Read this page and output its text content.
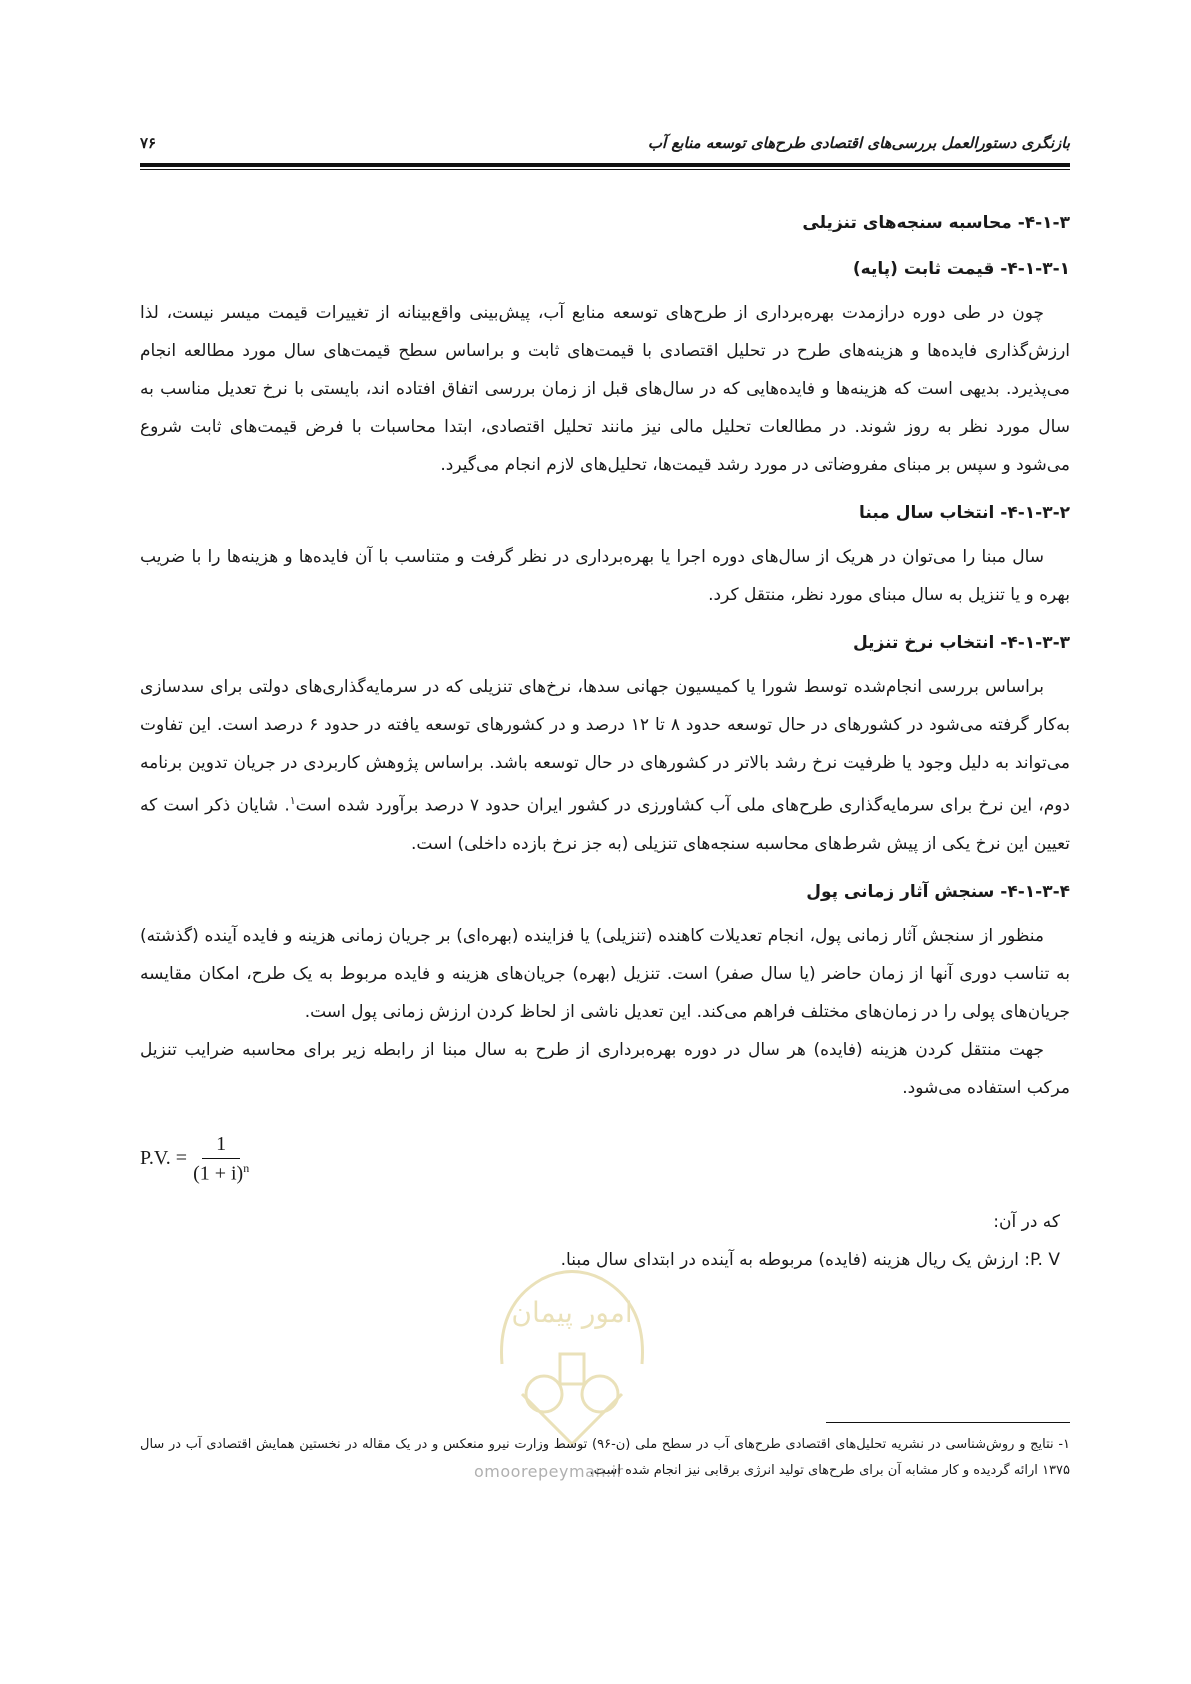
بازنگری دستورالعمل بررسی‌های اقتصادی طرح‌های توسعه منابع آب
۷۶
۴-۱-۳- محاسبه سنجه‌های تنزیلی
۴-۱-۳-۱- قیمت ثابت (پایه)

چون در طی دوره درازمدت بهره‌برداری از طرح‌های توسعه منابع آب، پیش‌بینی واقع‌بینانه از تغییرات قیمت میسر نیست، لذا ارزش‌گذاری فایده‌ها و هزینه‌های طرح در تحلیل اقتصادی با قیمت‌های ثابت و براساس سطح قیمت‌های سال مورد مطالعه انجام می‌پذیرد. بدیهی است که هزینه‌ها و فایده‌هایی که در سال‌های قبل از زمان بررسی اتفاق افتاده اند، بایستی با نرخ تعدیل مناسب به سال مورد نظر به روز شوند. در مطالعات تحلیل مالی نیز مانند تحلیل اقتصادی، ابتدا محاسبات با فرض قیمت‌های ثابت شروع می‌شود و سپس بر مبنای مفروضاتی در مورد رشد قیمت‌ها، تحلیل‌های لازم انجام می‌گیرد.

۴-۱-۳-۲- انتخاب سال مبنا

سال مبنا را می‌توان در هریک از سال‌های دوره اجرا یا بهره‌برداری در نظر گرفت و متناسب با آن فایده‌ها و هزینه‌ها را با ضریب بهره و یا تنزیل به سال مبنای مورد نظر، منتقل کرد.

۴-۱-۳-۳- انتخاب نرخ تنزیل

براساس بررسی انجام‌شده توسط شورا یا کمیسیون جهانی سدها، نرخ‌های تنزیلی که در سرمایه‌گذاری‌های دولتی برای سدسازی به‌کار گرفته می‌شود در کشورهای در حال توسعه حدود ۸ تا ۱۲ درصد و در کشورهای توسعه یافته در حدود ۶ درصد است. این تفاوت می‌تواند به دلیل وجود یا ظرفیت نرخ رشد بالاتر در کشورهای در حال توسعه باشد. براساس پژوهش کاربردی در جریان تدوین برنامه دوم، این نرخ برای سرمایه‌گذاری طرح‌های ملی آب کشاورزی در کشور ایران حدود ۷ درصد برآورد شده است$^۱$. شایان ذکر است که تعیین این نرخ یکی از پیش شرط‌های محاسبه سنجه‌های تنزیلی (به جز نرخ بازده داخلی) است.

۴-۱-۳-۴- سنجش آثار زمانی پول

منظور از سنجش آثار زمانی پول، انجام تعدیلات کاهنده (تنزیلی) یا فزاینده (بهره‌ای) بر جریان زمانی هزینه و فایده آینده (گذشته) به تناسب دوری آنها از زمان حاضر (یا سال صفر) است. تنزیل (بهره) جریان‌های هزینه و فایده مربوط به یک طرح، امکان مقایسه جریان‌های پولی را در زمان‌های مختلف فراهم می‌کند. این تعدیل ناشی از لحاظ کردن ارزش زمانی پول است.

جهت منتقل کردن هزینه (فایده) هر سال در دوره بهره‌برداری از طرح به سال مبنا از رابطه زیر برای محاسبه ضرایب تنزیل مرکب استفاده می‌شود.

P.V. = $\frac{1}{(1 + i)^n}$
که در آن:
P. V: ارزش یک ریال هزینه (فایده) مربوطه به آینده در ابتدای سال مبنا.
امور پیمان
omoorepeyman.ir
۱- نتایج و روش‌شناسی در نشریه تحلیل‌های اقتصادی طرح‌های آب در سطح ملی (ن-۹۶) توسط وزارت نیرو منعکس و در یک مقاله در نخستین همایش اقتصادی آب در سال ۱۳۷۵ ارائه گردیده و کار مشابه آن برای طرح‌های تولید انرژی برقابی نیز انجام شده است.
